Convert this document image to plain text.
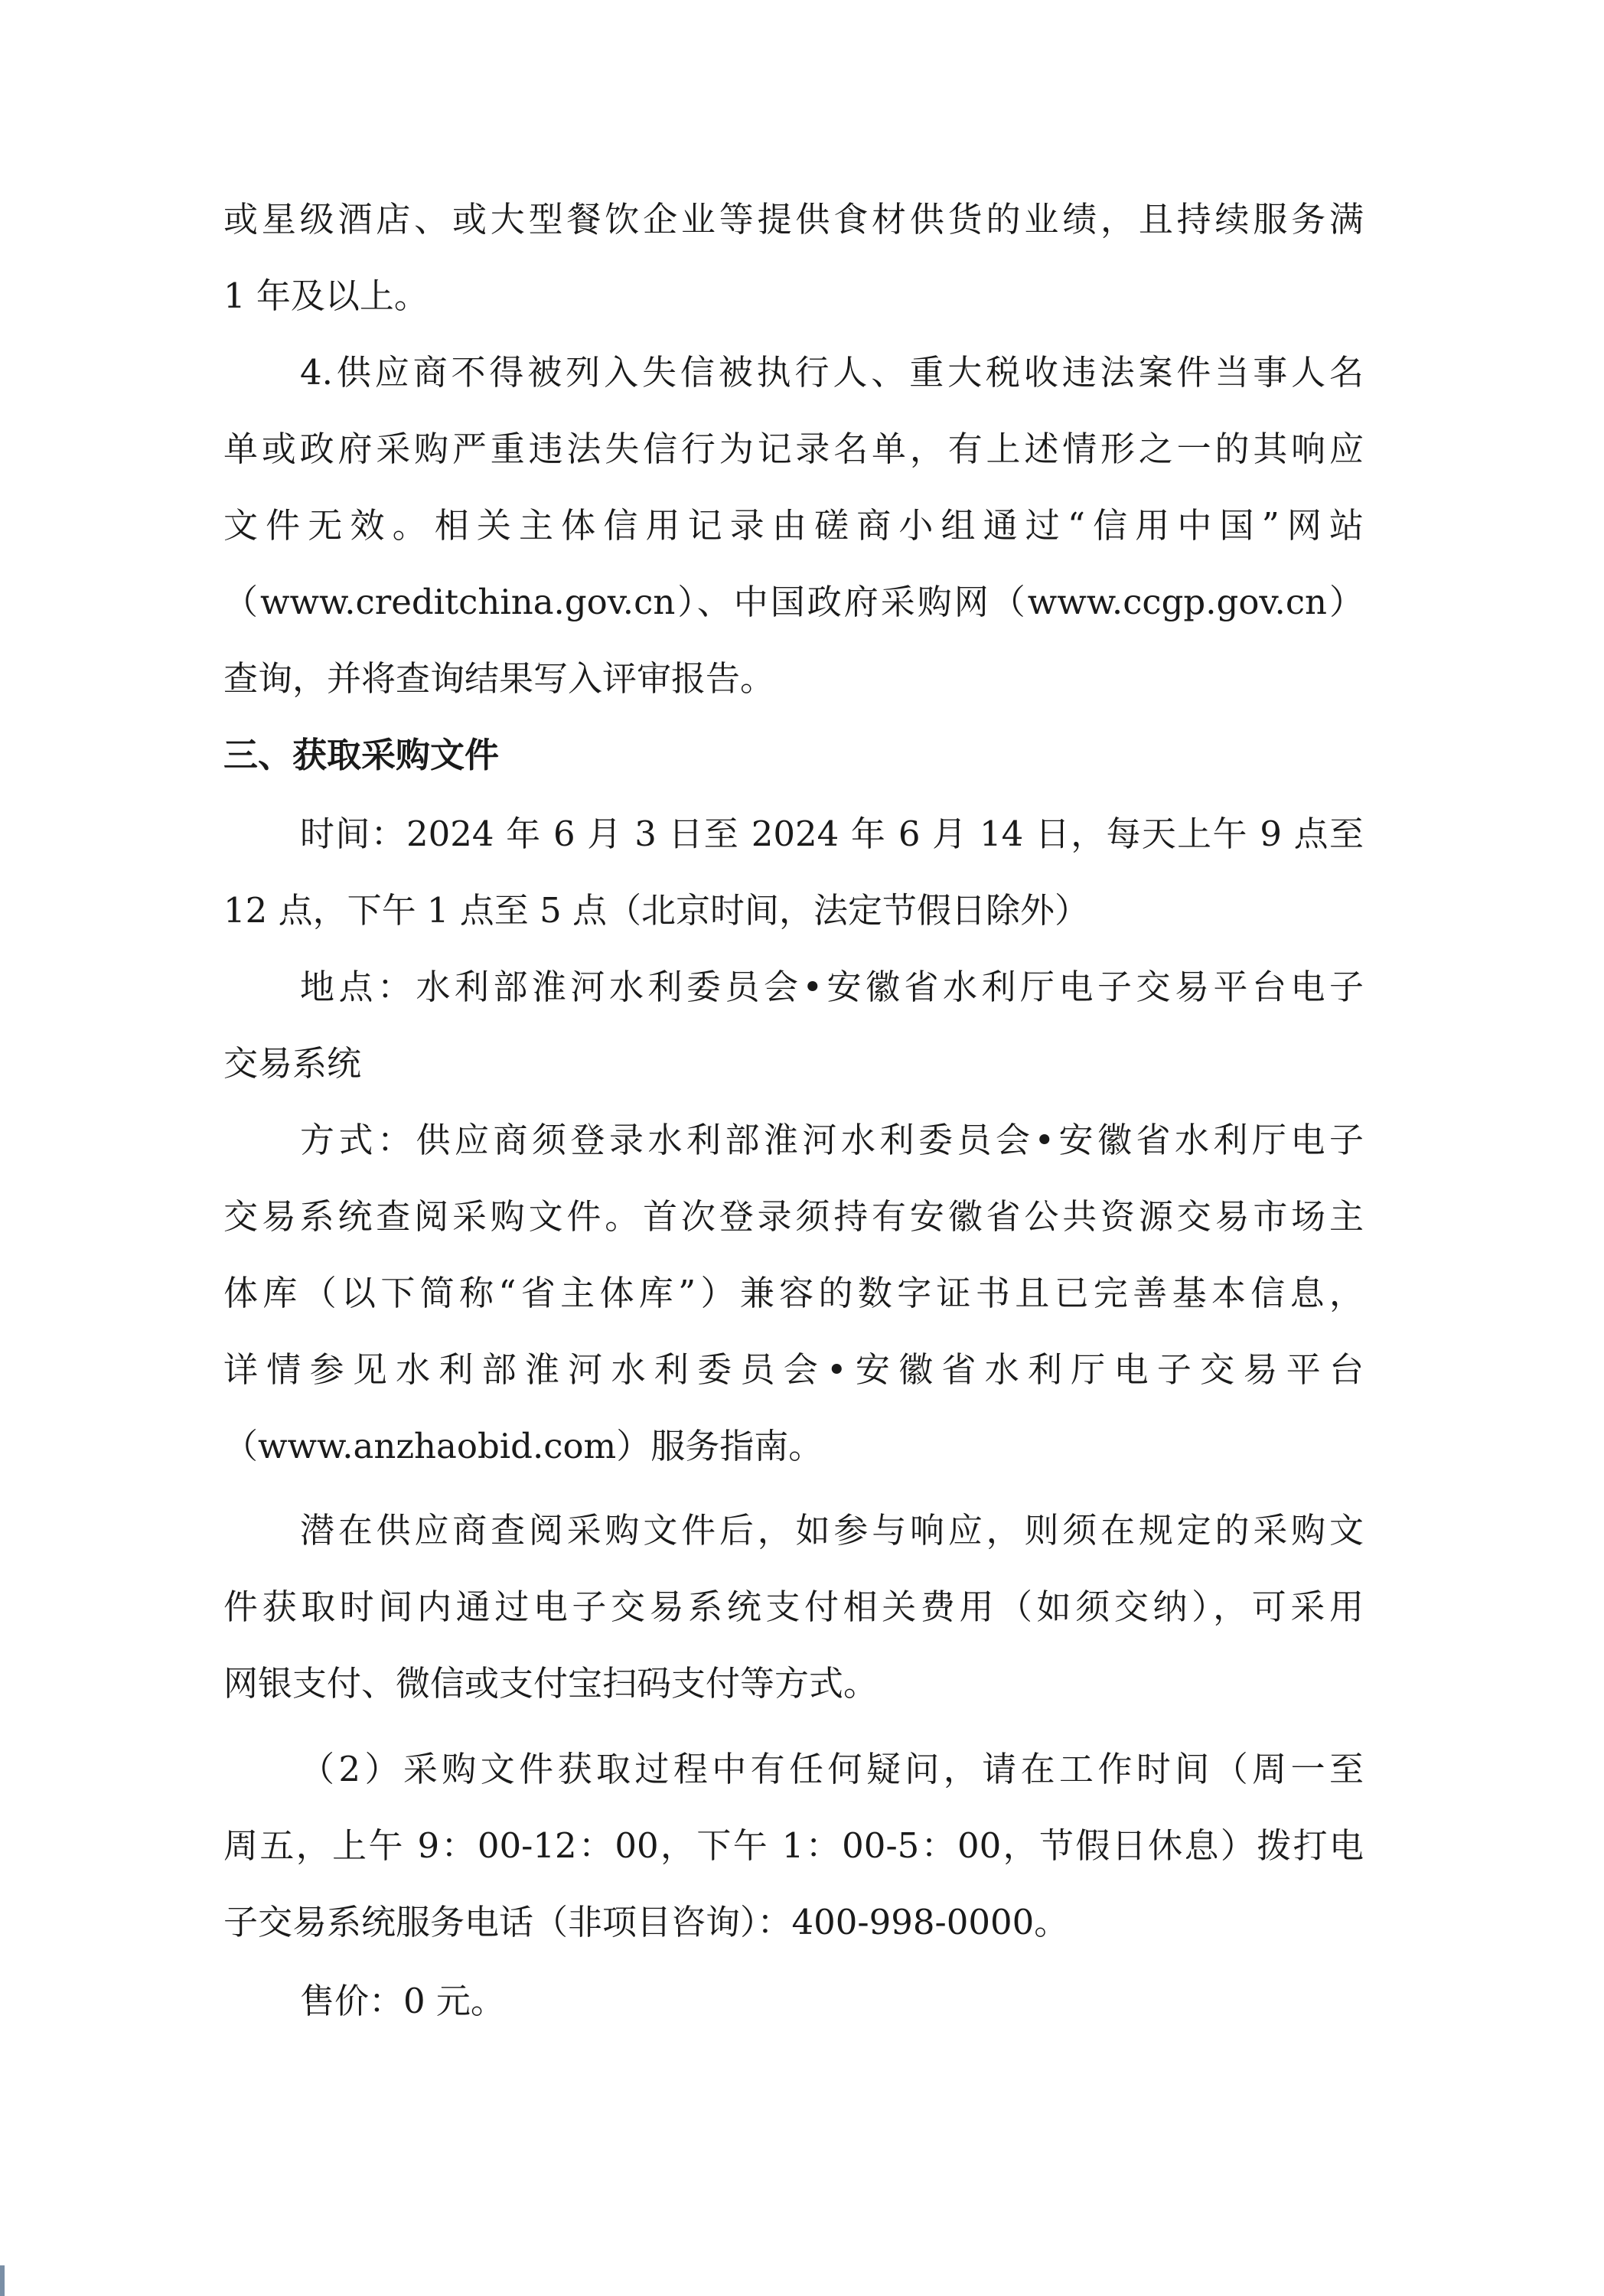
或星级酒店、或大型餐饮企业等提供食材供货的业绩，且持续服务满
1 年及以上。
4.供应商不得被列入失信被执行人、重大税收违法案件当事人名
单或政府采购严重违法失信行为记录名单，有上述情形之一的其响应
文件无效。相关主体信用记录由磋商小组通过“信用中国”网站
（www.creditchina.gov.cn）、中国政府采购网（www.ccgp.gov.cn）
查询，并将查询结果写入评审报告。
三、获取采购文件
时间：2024 年 6 月 3 日至 2024 年 6 月 14 日，每天上午 9 点至
12 点，下午 1 点至 5 点（北京时间，法定节假日除外）
地点：水利部淮河水利委员会•安徽省水利厅电子交易平台电子
交易系统
方式：供应商须登录水利部淮河水利委员会•安徽省水利厅电子
交易系统查阅采购文件。首次登录须持有安徽省公共资源交易市场主
体库（以下简称“省主体库”）兼容的数字证书且已完善基本信息，
详情参见水利部淮河水利委员会•安徽省水利厅电子交易平台
（www.anzhaobid.com）服务指南。
潜在供应商查阅采购文件后，如参与响应，则须在规定的采购文
件获取时间内通过电子交易系统支付相关费用（如须交纳），可采用
网银支付、微信或支付宝扫码支付等方式。
（2）采购文件获取过程中有任何疑问，请在工作时间（周一至
周五，上午 9：00-12：00，下午 1：00-5：00，节假日休息）拨打电
子交易系统服务电话（非项目咨询）：400-998-0000。
售价：0 元。
